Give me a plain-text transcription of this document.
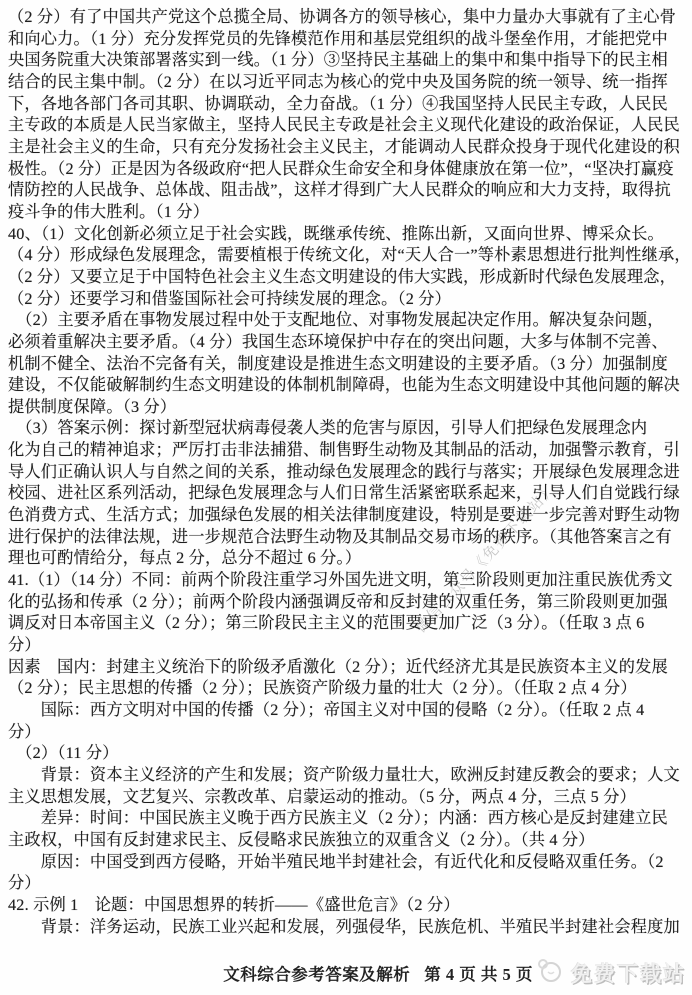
（2 分）有了中国共产党这个总揽全局、协调各方的领导核心，集中力量办大事就有了主心骨
和向心力。（1 分）充分发挥党员的先锋模范作用和基层党组织的战斗堡垒作用，才能把党中
央国务院重大决策部署落实到一线。（1 分）③坚持民主基础上的集中和集中指导下的民主相
结合的民主集中制。（2 分）在以习近平同志为核心的党中央及国务院的统一领导、统一指挥
下，各地各部门各司其职、协调联动，全力奋战。（1 分）④我国坚持人民民主专政，人民民
主专政的本质是人民当家做主，坚持人民民主专政是社会主义现代化建设的政治保证，人民民
主是社会主义的生命，只有充分发扬社会主义民主，才能调动人民群众投身于现代化建设的积
极性。（2 分）正是因为各级政府“把人民群众生命安全和身体健康放在第一位”，“坚决打赢疫
情防控的人民战争、总体战、阻击战”，这样才得到广大人民群众的响应和大力支持，取得抗
疫斗争的伟大胜利。（1 分）
40、（1）文化创新必须立足于社会实践，既继承传统、推陈出新，又面向世界、博采众长。
（4 分）形成绿色发展理念，需要植根于传统文化，对“天人合一”等朴素思想进行批判性继承，
（2 分）又要立足于中国特色社会主义生态文明建设的伟大实践，形成新时代绿色发展理念，
（2 分）还要学习和借鉴国际社会可持续发展的理念。（2 分）
　（2）主要矛盾在事物发展过程中处于支配地位、对事物发展起决定作用。解决复杂问题，
必须着重解决主要矛盾。（4 分）我国生态环境保护中存在的突出问题，大多与体制不完善、
机制不健全、法治不完备有关，制度建设是推进生态文明建设的主要矛盾。（3 分）加强制度
建设，不仅能破解制约生态文明建设的体制机制障碍，也能为生态文明建设中其他问题的解决
提供制度保障。（3 分）
　（3）答案示例：探讨新型冠状病毒侵袭人类的危害与原因，引导人们把绿色发展理念内
化为自己的精神追求；严厉打击非法捕猎、制售野生动物及其制品的活动，加强警示教育，引
导人们正确认识人与自然之间的关系，推动绿色发展理念的践行与落实；开展绿色发展理念进
校园、进社区系列活动，把绿色发展理念与人们日常生活紧密联系起来，引导人们自觉践行绿
色消费方式、生活方式；加强绿色发展的相关法律制度建设，特别是要进一步完善对野生动物
进行保护的法律法规，进一步规范合法野生动物及其制品交易市场的秩序。（其他答案言之有
理也可酌情给分，每点 2 分，总分不超过 6 分。）
41.（1）（14 分）不同：前两个阶段注重学习外国先进文明，第三阶段则更加注重民族优秀文
化的弘扬和传承（2 分）；前两个阶段内涵强调反帝和反封建的双重任务，第三阶段则更加强
调反对日本帝国主义（2 分）；第三阶段民主主义的范围要更加广泛（3 分）。（任取 3 点 6
分）
因素　国内：封建主义统治下的阶级矛盾激化（2 分）；近代经济尤其是民族资本主义的发展
（2 分）；民主思想的传播（2 分）；民族资产阶级力量的壮大（2 分）。（任取 2 点 4 分）
　　国际：西方文明对中国的传播（2 分）；帝国主义对中国的侵略（2 分）。（任取 2 点 4
分）
　（2）（11 分）
　　背景：资本主义经济的产生和发展；资产阶级力量壮大，欧洲反封建反教会的要求；人文
主义思想发展，文艺复兴、宗教改革、启蒙运动的推动。（5 分，两点 4 分，三点 5 分）
　　差异：时间：中国民族主义晚于西方民族主义（2 分）；内涵：西方核心是反封建建立民
主政权，中国有反封建求民主、反侵略求民族独立的双重含义（2 分）。（共 4 分）
　　原因：中国受到西方侵略，开始半殖民地半封建社会，有近代化和反侵略双重任务。（2
分）
42. 示例 1　论题：中国思想界的转折——《盛世危言》（2 分）
　　背景：洋务运动，民族工业兴起和发展，列强侵华，民族危机、半殖民半封建社会程度加
微信公众号《免费下载站》
文科综合参考答案及解析 第 4 页 共 5 页	免费下载站
